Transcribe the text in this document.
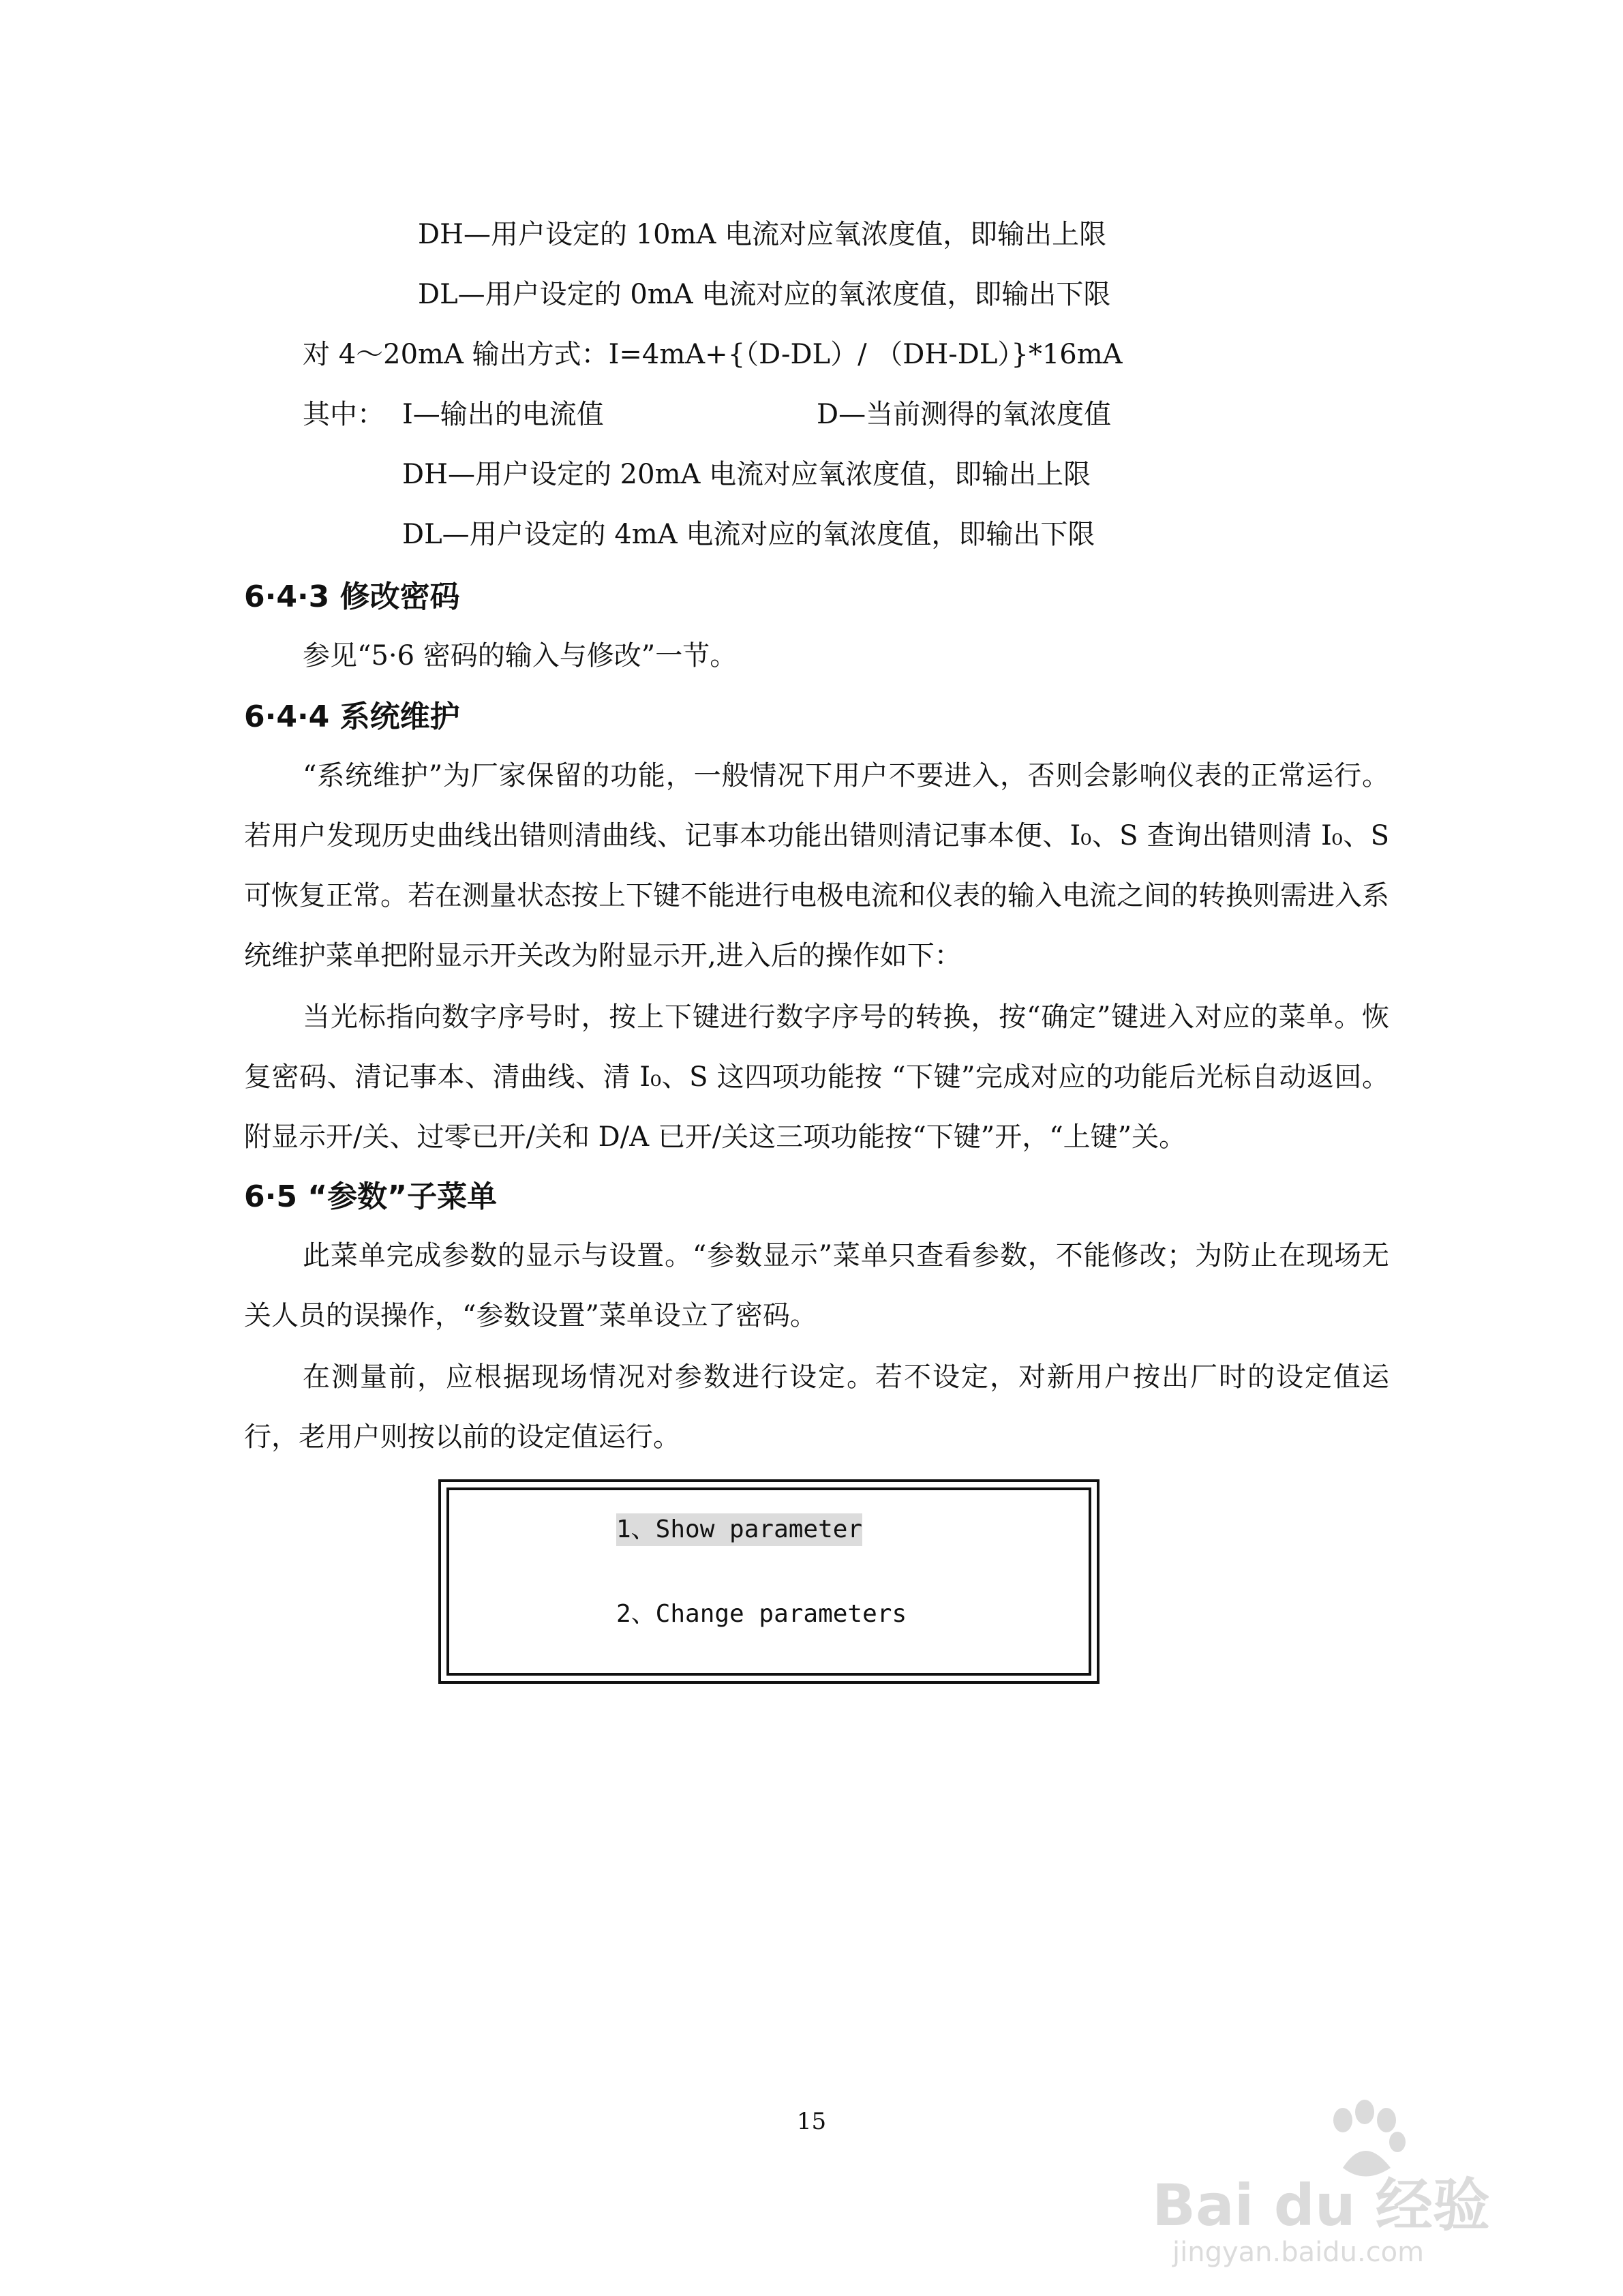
DH—用户设定的 10mA 电流对应氧浓度值，即输出上限
DL—用户设定的 0mA 电流对应的氧浓度值，即输出下限
对 4～20mA 输出方式：I=4mA+{（D-DL）/ （DH-DL）}*16mA
其中： I—输出的电流值	D—当前测得的氧浓度值
DH—用户设定的 20mA 电流对应氧浓度值，即输出上限
DL—用户设定的 4mA 电流对应的氧浓度值，即输出下限
6·4·3 修改密码
参见“5·6 密码的输入与修改”一节。
6·4·4 系统维护
“系统维护”为厂家保留的功能，一般情况下用户不要进入，否则会影响仪表的正常运行。若用户发现历史曲线出错则清曲线、记事本功能出错则清记事本便、I₀、S 查询出错则清 I₀、S 可恢复正常。若在测量状态按上下键不能进行电极电流和仪表的输入电流之间的转换则需进入系统维护菜单把附显示开关改为附显示开,进入后的操作如下：
当光标指向数字序号时，按上下键进行数字序号的转换，按“确定”键进入对应的菜单。恢复密码、清记事本、清曲线、清 I₀、S 这四项功能按 “下键”完成对应的功能后光标自动返回。附显示开/关、过零已开/关和 D/A 已开/关这三项功能按“下键”开，“上键”关。
6·5 “参数”子菜单
此菜单完成参数的显示与设置。“参数显示”菜单只查看参数，不能修改；为防止在现场无关人员的误操作，“参数设置”菜单设立了密码。
在测量前，应根据现场情况对参数进行设定。若不设定，对新用户按出厂时的设定值运行，老用户则按以前的设定值运行。
1、Show parameter
2、Change parameters
15
Bai du 经验
jingyan.baidu.com
